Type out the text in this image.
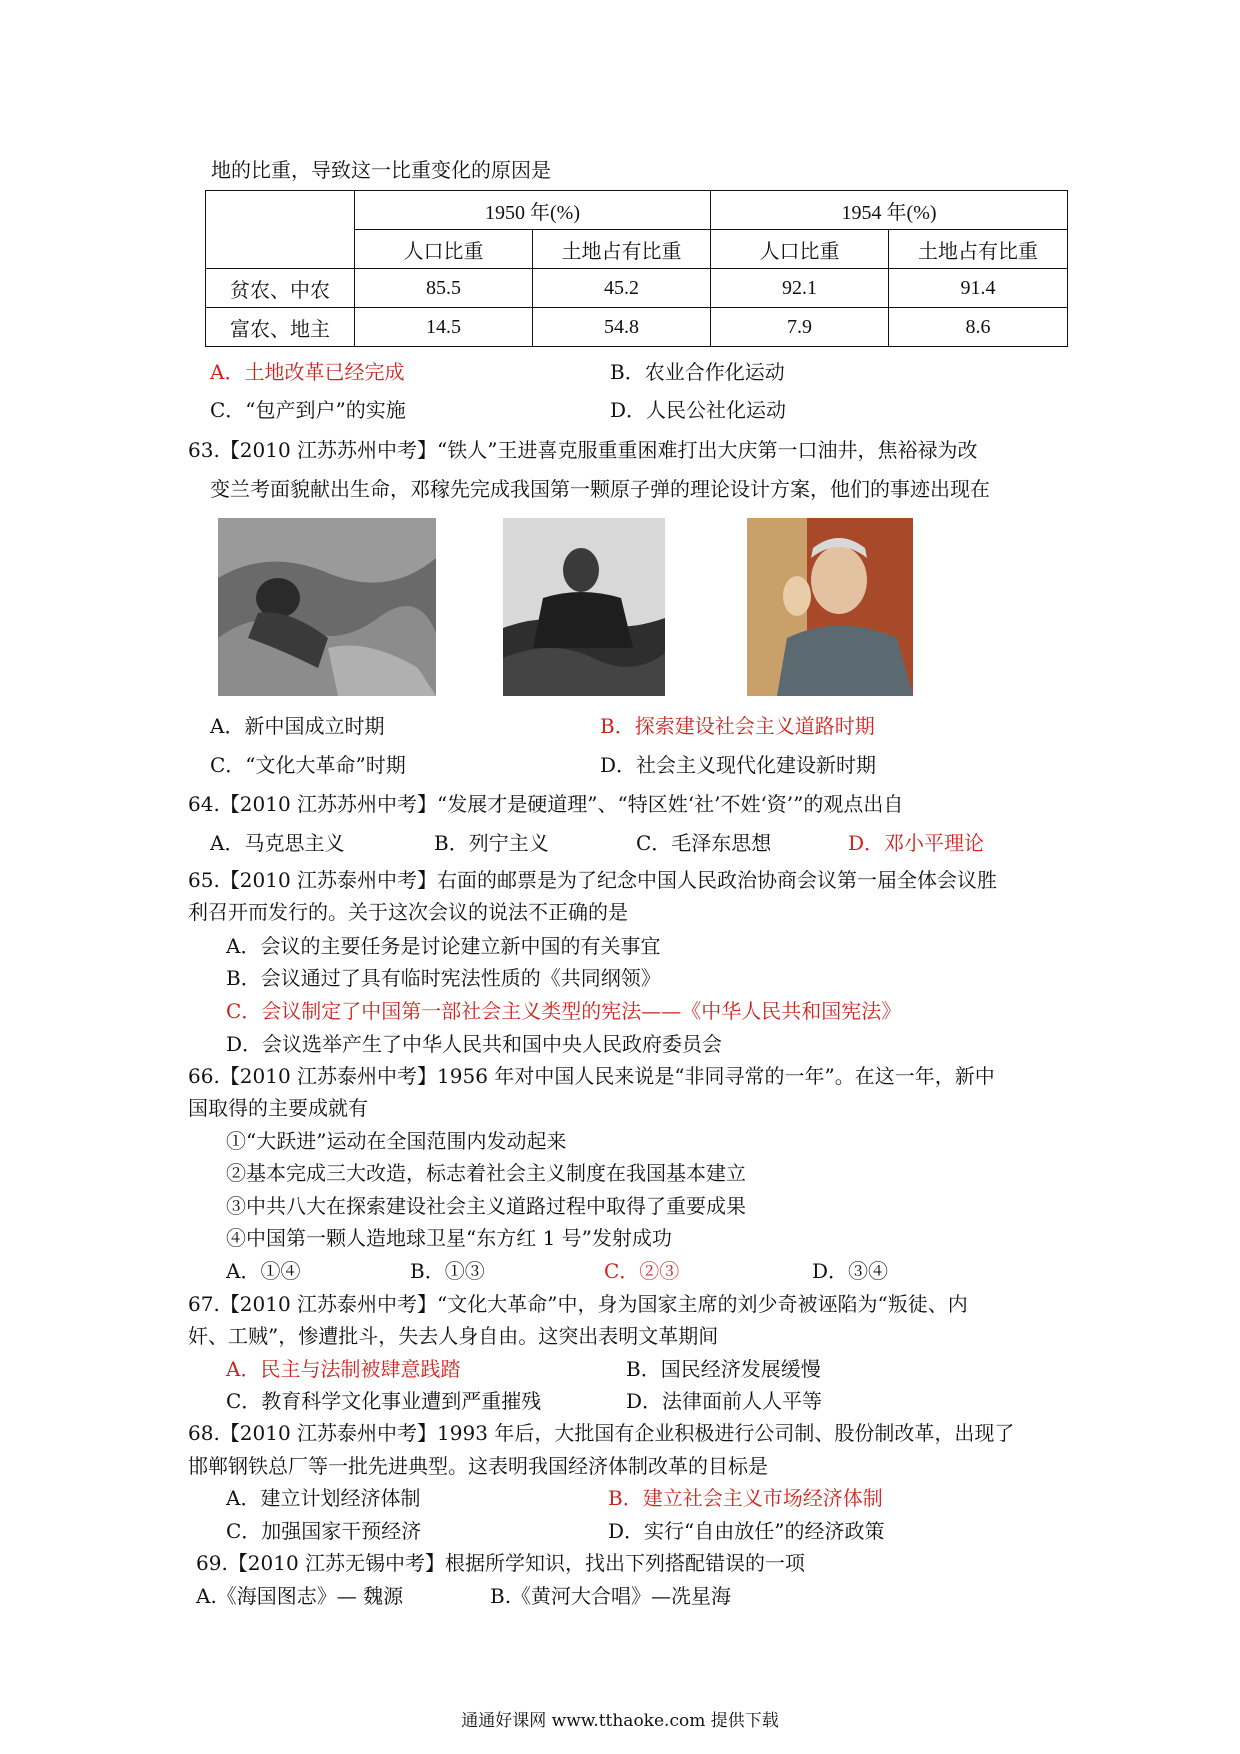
地的比重，导致这一比重变化的原因是
	1950 年(%)		1954 年(%)	
	人口比重	土地占有比重	人口比重	土地占有比重
贫农、中农	85.5	45.2	92.1	91.4
富农、地主	14.5	54.8	7.9	8.6
A．土地改革已经完成	B．农业合作化运动
C．“包产到户”的实施	D．人民公社化运动
63.【2010 江苏苏州中考】“铁人”王进喜克服重重困难打出大庆第一口油井，焦裕禄为改
变兰考面貌献出生命，邓稼先完成我国第一颗原子弹的理论设计方案，他们的事迹出现在
A．新中国成立时期	B．探索建设社会主义道路时期
C．“文化大革命”时期	D．社会主义现代化建设新时期
64.【2010 江苏苏州中考】“发展才是硬道理”、“特区姓‘社’不姓‘资’”的观点出自
A．马克思主义	B．列宁主义	C．毛泽东思想	D．邓小平理论
65.【2010 江苏泰州中考】右面的邮票是为了纪念中国人民政治协商会议第一届全体会议胜
利召开而发行的。关于这次会议的说法不正确的是
A．会议的主要任务是讨论建立新中国的有关事宜
B．会议通过了具有临时宪法性质的《共同纲领》
C．会议制定了中国第一部社会主义类型的宪法——《中华人民共和国宪法》
D．会议选举产生了中华人民共和国中央人民政府委员会
66.【2010 江苏泰州中考】1956 年对中国人民来说是“非同寻常的一年”。在这一年，新中
国取得的主要成就有
①“大跃进”运动在全国范围内发动起来
②基本完成三大改造，标志着社会主义制度在我国基本建立
③中共八大在探索建设社会主义道路过程中取得了重要成果
④中国第一颗人造地球卫星“东方红 1 号”发射成功
A．①④	B．①③	C．②③	D．③④
67.【2010 江苏泰州中考】“文化大革命”中，身为国家主席的刘少奇被诬陷为“叛徒、内
奸、工贼”，惨遭批斗，失去人身自由。这突出表明文革期间
A．民主与法制被肆意践踏	B．国民经济发展缓慢
C．教育科学文化事业遭到严重摧残	D．法律面前人人平等
68.【2010 江苏泰州中考】1993 年后，大批国有企业积极进行公司制、股份制改革，出现了
邯郸钢铁总厂等一批先进典型。这表明我国经济体制改革的目标是
A．建立计划经济体制	B．建立社会主义市场经济体制
C．加强国家干预经济	D．实行“自由放任”的经济政策
69.【2010 江苏无锡中考】根据所学知识，找出下列搭配错误的一项
A.《海国图志》— 魏源	B.《黄河大合唱》—冼星海
通通好课网 www.tthaoke.com 提供下载
